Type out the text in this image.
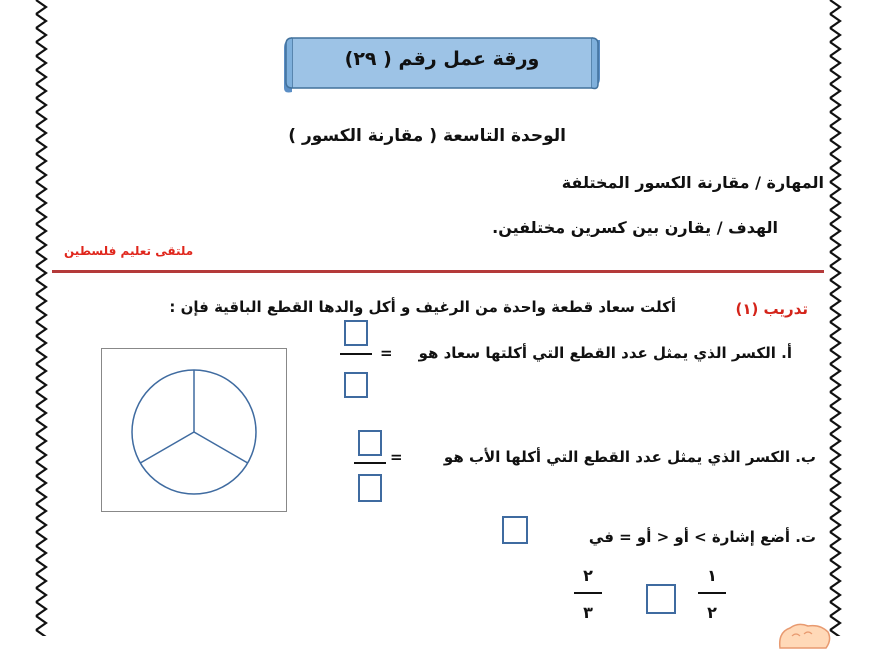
ورقة عمل رقم ( ٢٩)
الوحدة التاسعة ( مقارنة الكسور )
المهارة / مقارنة الكسور المختلفة
الهدف / يقارن بين كسرين مختلفين.
ملتقى تعليم فلسطين
تدريب (١)
أكلت سعاد قطعة واحدة من الرغيف و أكل والدها القطع الباقية فإن :
أ. الكسر الذي يمثل عدد القطع التي أكلتها سعاد هو
=
ب. الكسر الذي يمثل عدد القطع التي أكلها الأب هو
=
ت. أضع إشارة > أو < أو = في
١
٢
٢
٣
